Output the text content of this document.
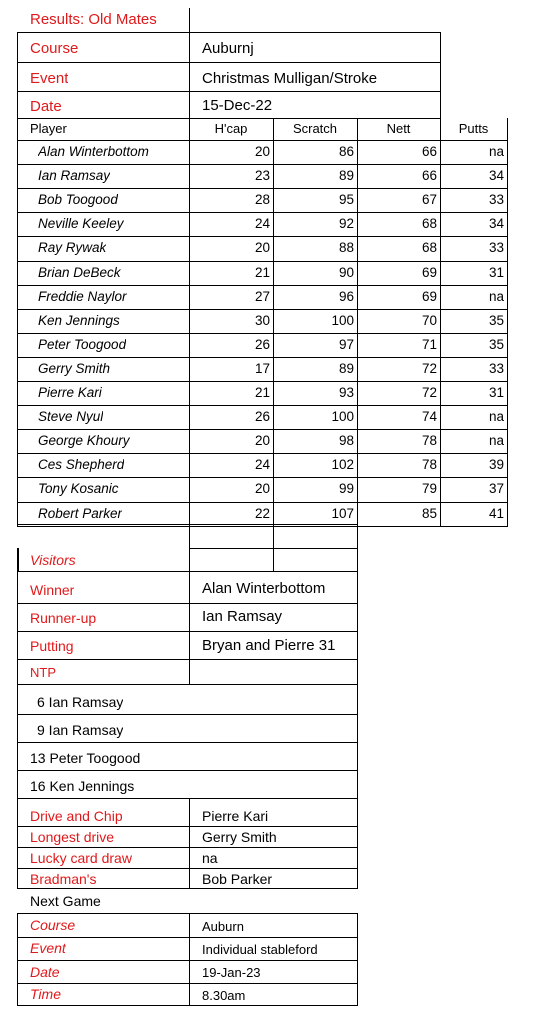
Results: Old Mates
Course	Auburnj
Event	Christmas Mulligan/Stroke
Date	15-Dec-22
Player	H'cap	Scratch	Nett	Putts
Alan Winterbottom	20	86	66	na
Ian Ramsay	23	89	66	34
Bob Toogood	28	95	67	33
Neville Keeley	24	92	68	34
Ray Rywak	20	88	68	33
Brian DeBeck	21	90	69	31
Freddie Naylor	27	96	69	na
Ken Jennings	30	100	70	35
Peter Toogood	26	97	71	35
Gerry Smith	17	89	72	33
Pierre Kari	21	93	72	31
Steve Nyul	26	100	74	na
George Khoury	20	98	78	na
Ces Shepherd	24	102	78	39
Tony Kosanic	20	99	79	37
Robert Parker	22	107	85	41
Visitors
Winner	Alan Winterbottom
Runner-up	Ian Ramsay
Putting	Bryan and Pierre 31
NTP
6 Ian Ramsay
9 Ian Ramsay
13 Peter Toogood
16 Ken Jennings
Drive and Chip	Pierre Kari
Longest drive	Gerry Smith
Lucky card draw	na
Bradman's	Bob Parker
Next Game
Course	Auburn
Event	Individual stableford
Date	19-Jan-23
Time	8.30am
